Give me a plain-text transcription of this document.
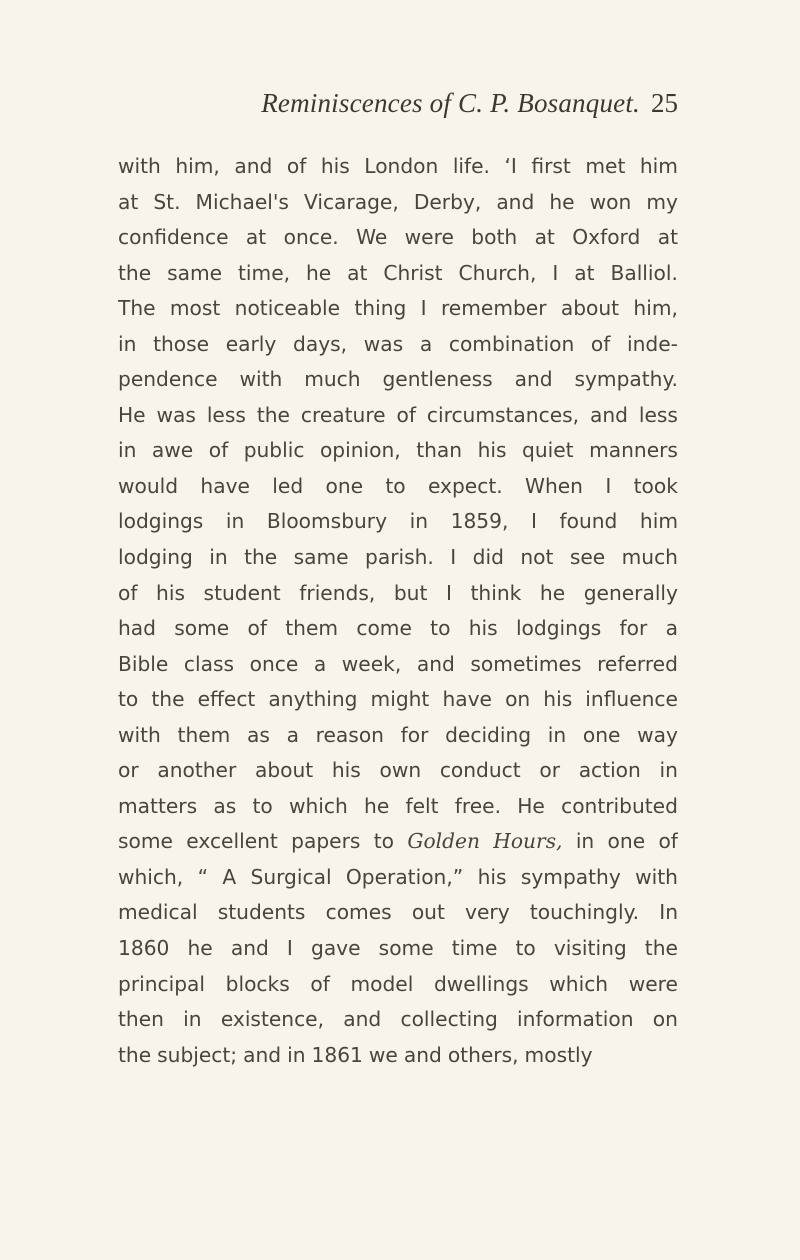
Reminiscences of C. P. Bosanquet. 25
with him, and of his London life. ‘I first met him
at St. Michael's Vicarage, Derby, and he won my
confidence at once. We were both at Oxford at
the same time, he at Christ Church, I at Balliol.
The most noticeable thing I remember about him,
in those early days, was a combination of inde-
pendence with much gentleness and sympathy.
He was less the creature of circumstances, and less
in awe of public opinion, than his quiet manners
would have led one to expect. When I took
lodgings in Bloomsbury in 1859, I found him
lodging in the same parish. I did not see much
of his student friends, but I think he generally
had some of them come to his lodgings for a
Bible class once a week, and sometimes referred
to the effect anything might have on his influence
with them as a reason for deciding in one way
or another about his own conduct or action in
matters as to which he felt free. He contributed
some excellent papers to Golden Hours, in one of
which, “ A Surgical Operation,” his sympathy with
medical students comes out very touchingly. In
1860 he and I gave some time to visiting the
principal blocks of model dwellings which were
then in existence, and collecting information on
the subject; and in 1861 we and others, mostly
